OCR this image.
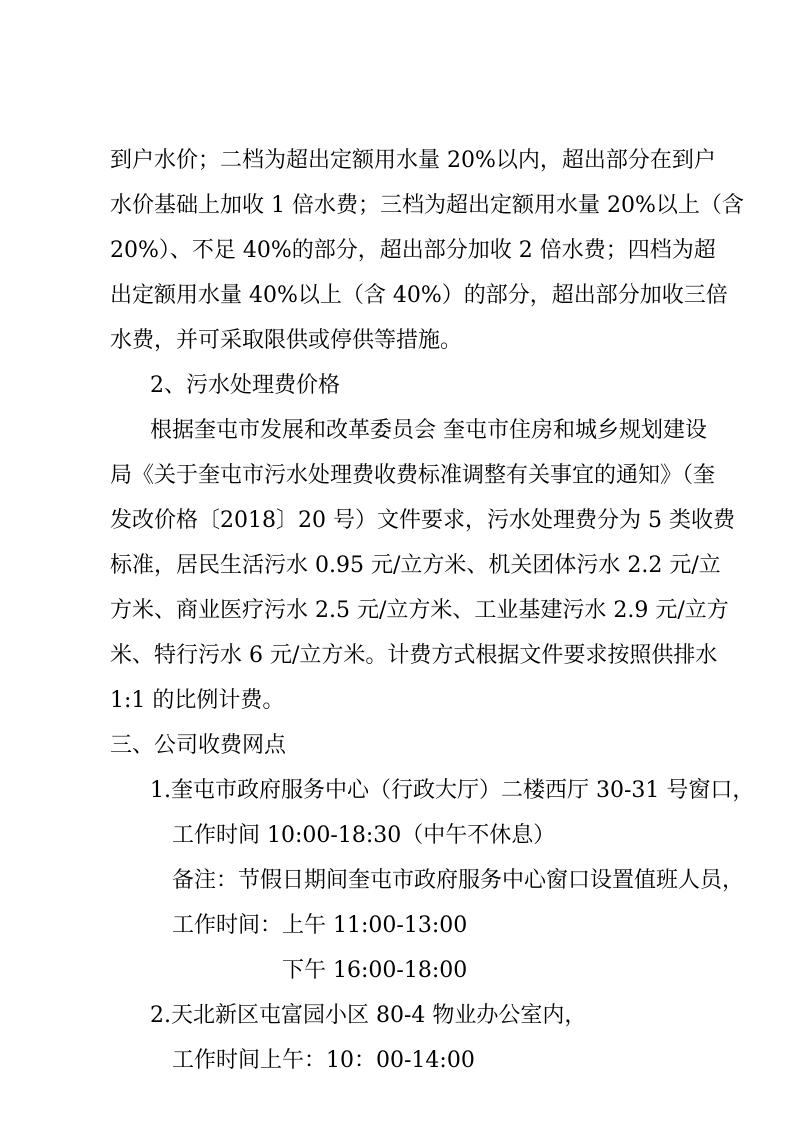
到户水价；二档为超出定额用水量 20%以内，超出部分在到户
水价基础上加收 1 倍水费；三档为超出定额用水量 20%以上（含
20%）、不足 40%的部分，超出部分加收 2 倍水费；四档为超
出定额用水量 40%以上（含 40%）的部分，超出部分加收三倍
水费，并可采取限供或停供等措施。
2、污水处理费价格
根据奎屯市发展和改革委员会 奎屯市住房和城乡规划建设
局《关于奎屯市污水处理费收费标准调整有关事宜的通知》（奎
发改价格〔2018〕20 号）文件要求，污水处理费分为 5 类收费
标准，居民生活污水 0.95 元/立方米、机关团体污水 2.2 元/立
方米、商业医疗污水 2.5 元/立方米、工业基建污水 2.9 元/立方
米、特行污水 6 元/立方米。计费方式根据文件要求按照供排水
1:1 的比例计费。
三、公司收费网点
1.奎屯市政府服务中心（行政大厅）二楼西厅 30-31 号窗口，
工作时间 10:00-18:30（中午不休息）
备注：节假日期间奎屯市政府服务中心窗口设置值班人员，
工作时间：上午 11:00-13:00
下午 16:00-18:00
2.天北新区屯富园小区 80-4 物业办公室内，
工作时间上午：10：00-14:00
